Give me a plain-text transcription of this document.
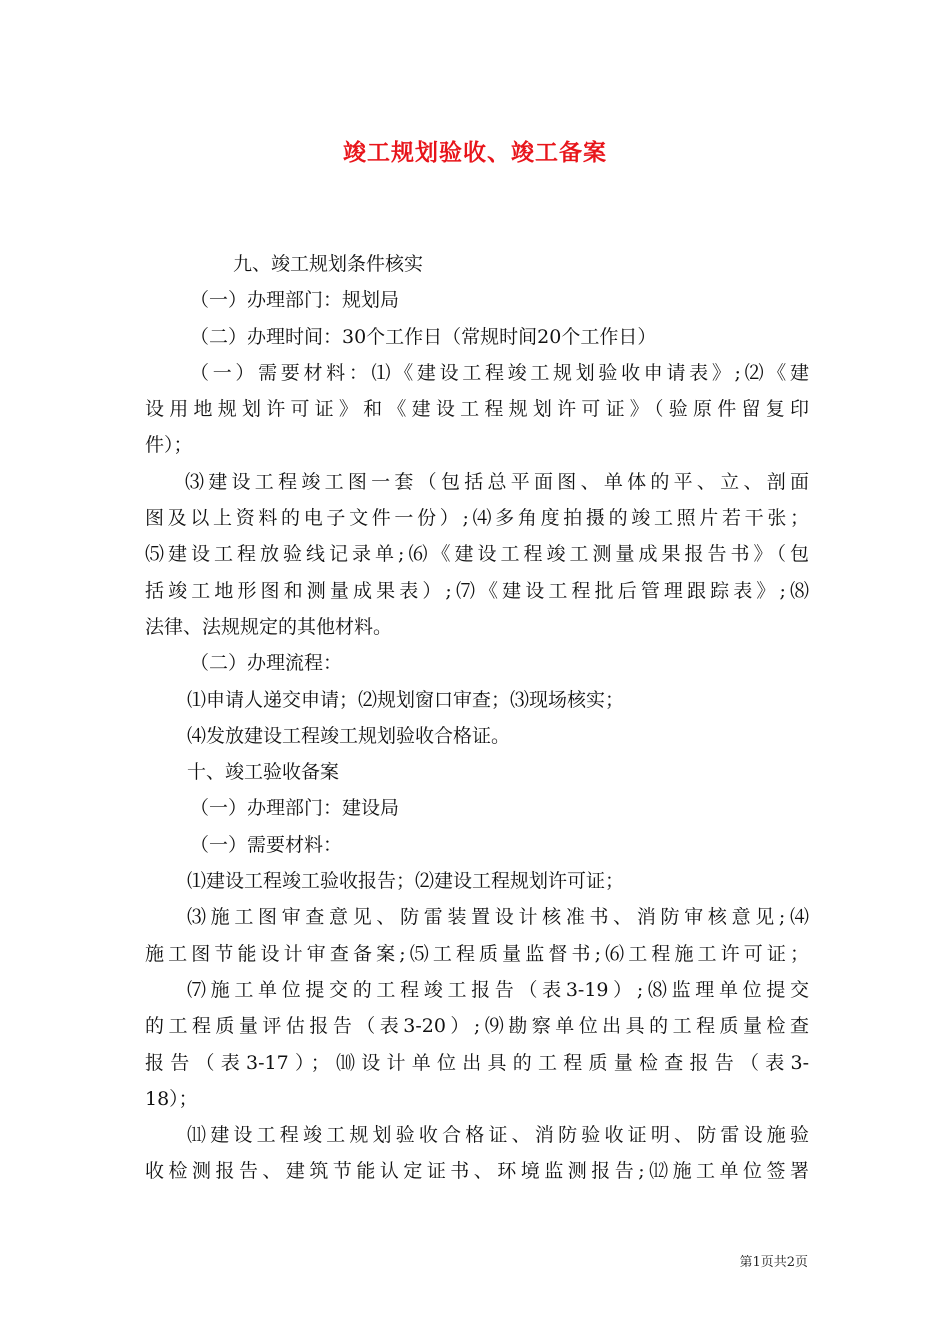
竣工规划验收、竣工备案
九、竣工规划条件核实
（一）办理部门：规划局
（二）办理时间：30个工作日（常规时间20个工作日）
（一）需要材料：⑴《建设工程竣工规划验收申请表》;⑵《建
设用地规划许可证》和《建设工程规划许可证》（验原件留复印
件）；
⑶建设工程竣工图一套（包括总平面图、单体的平、立、剖面
图及以上资料的电子文件一份）;⑷多角度拍摄的竣工照片若干张；
⑸建设工程放验线记录单;⑹《建设工程竣工测量成果报告书》（包
括竣工地形图和测量成果表）;⑺《建设工程批后管理跟踪表》;⑻
法律、法规规定的其他材料。
（二）办理流程：
⑴申请人递交申请；⑵规划窗口审查；⑶现场核实；
⑷发放建设工程竣工规划验收合格证。
十、竣工验收备案
（一）办理部门：建设局
（一）需要材料：
⑴建设工程竣工验收报告；⑵建设工程规划许可证；
⑶施工图审查意见、防雷装置设计核准书、消防审核意见;⑷
施工图节能设计审查备案;⑸工程质量监督书;⑹工程施工许可证；
⑺施工单位提交的工程竣工报告（表3-19）;⑻监理单位提交
的工程质量评估报告（表3-20）;⑼勘察单位出具的工程质量检查
报告（表3-17）；⑽设计单位出具的工程质量检查报告（表3-
18）；
⑾建设工程竣工规划验收合格证、消防验收证明、防雷设施验
收检测报告、建筑节能认定证书、环境监测报告;⑿施工单位签署
第1页共2页
